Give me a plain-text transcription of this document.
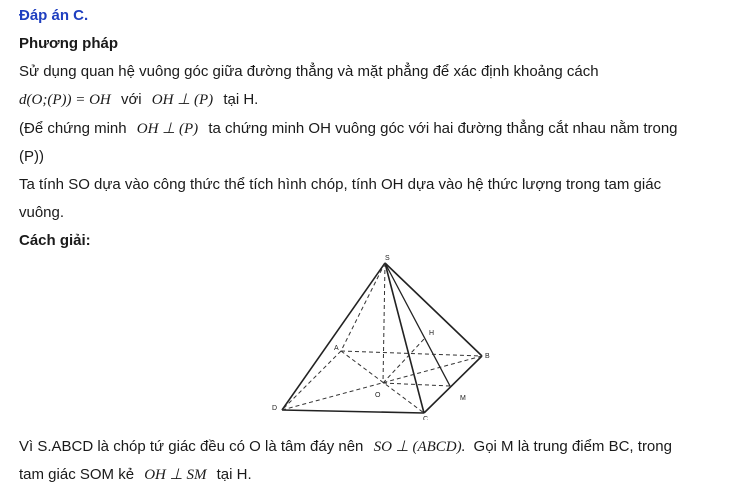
Đáp án C.
Phương pháp
Sử dụng quan hệ vuông góc giữa đường thẳng và mặt phẳng để xác định khoảng cách
d(O;(P)) = OH với OH ⊥ (P) tại H.
(Để chứng minh OH ⊥ (P) ta chứng minh OH vuông góc với hai đường thẳng cắt nhau nằm trong
(P))
Ta tính SO dựa vào công thức thể tích hình chóp, tính OH dựa vào hệ thức lượng trong tam giác
vuông.
Cách giải:
S
A
B
C
D
O
H
M
Vì S.ABCD là chóp tứ giác đều có O là tâm đáy nên SO ⊥ (ABCD). Gọi M là trung điểm BC, trong
tam giác SOM kẻ OH ⊥ SM tại H.
